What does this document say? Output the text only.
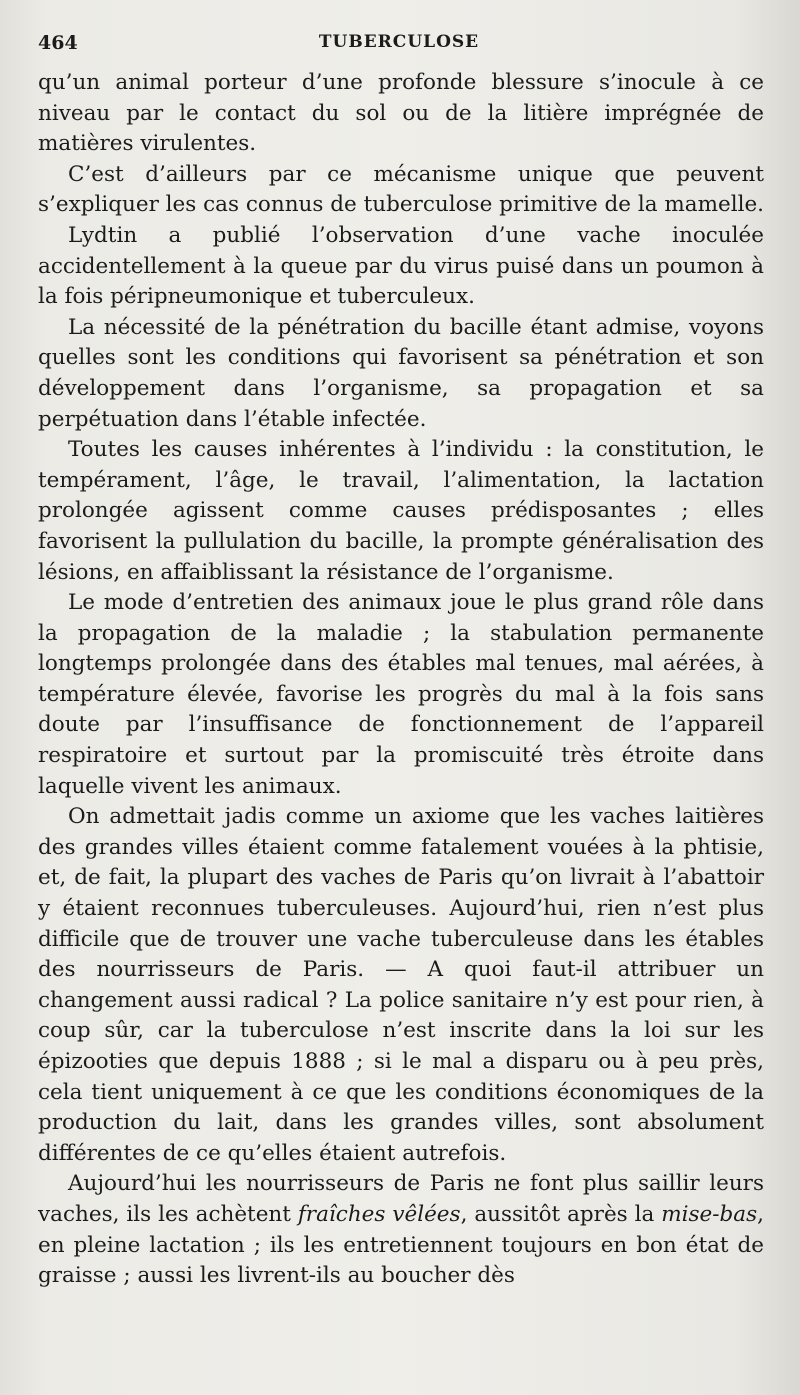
464	TUBERCULOSE

qu’un animal porteur d’une profonde blessure s’inocule à ce niveau par le contact du sol ou de la litière imprégnée de matières virulentes.

C’est d’ailleurs par ce mécanisme unique que peuvent s’expliquer les cas connus de tuberculose primitive de la mamelle.

Lydtin a publié l’observation d’une vache inoculée accidentellement à la queue par du virus puisé dans un poumon à la fois péripneumonique et tuberculeux.

La nécessité de la pénétration du bacille étant admise, voyons quelles sont les conditions qui favorisent sa pénétration et son développement dans l’organisme, sa propagation et sa perpétuation dans l’étable infectée.

Toutes les causes inhérentes à l’individu : la constitution, le tempérament, l’âge, le travail, l’alimentation, la lactation prolongée agissent comme causes prédisposantes ; elles favorisent la pullulation du bacille, la prompte généralisation des lésions, en affaiblissant la résistance de l’organisme.

Le mode d’entretien des animaux joue le plus grand rôle dans la propagation de la maladie ; la stabulation permanente longtemps prolongée dans des étables mal tenues, mal aérées, à température élevée, favorise les progrès du mal à la fois sans doute par l’insuffisance de fonctionnement de l’appareil respiratoire et surtout par la promiscuité très étroite dans laquelle vivent les animaux.

On admettait jadis comme un axiome que les vaches laitières des grandes villes étaient comme fatalement vouées à la phtisie, et, de fait, la plupart des vaches de Paris qu’on livrait à l’abattoir y étaient reconnues tuberculeuses. Aujourd’hui, rien n’est plus difficile que de trouver une vache tuberculeuse dans les étables des nourrisseurs de Paris. — A quoi faut-il attribuer un changement aussi radical ? La police sanitaire n’y est pour rien, à coup sûr, car la tuberculose n’est inscrite dans la loi sur les épizooties que depuis 1888 ; si le mal a disparu ou à peu près, cela tient uniquement à ce que les conditions économiques de la production du lait, dans les grandes villes, sont absolument différentes de ce qu’elles étaient autrefois.

Aujourd’hui les nourrisseurs de Paris ne font plus saillir leurs vaches, ils les achètent fraîches vêlées, aussitôt après la mise-bas, en pleine lactation ; ils les entretiennent toujours en bon état de graisse ; aussi les livrent-ils au boucher dès
